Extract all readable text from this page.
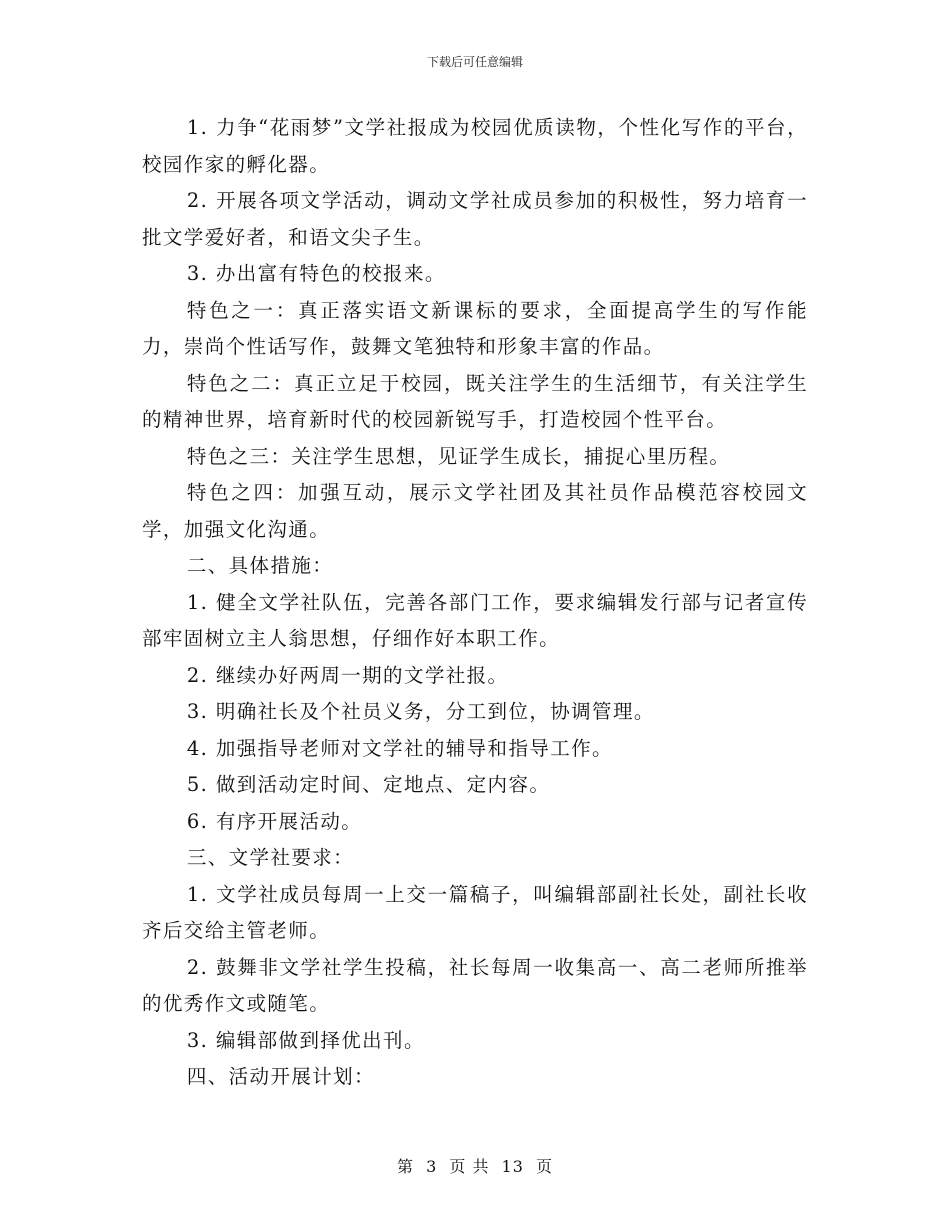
下载后可任意编辑

1. 力争“花雨梦”文学社报成为校园优质读物，个性化写作的平台，校园作家的孵化器。

2. 开展各项文学活动，调动文学社成员参加的积极性，努力培育一批文学爱好者，和语文尖子生。

3. 办出富有特色的校报来。

特色之一：真正落实语文新课标的要求，全面提高学生的写作能力，崇尚个性话写作，鼓舞文笔独特和形象丰富的作品。

特色之二：真正立足于校园，既关注学生的生活细节，有关注学生的精神世界，培育新时代的校园新锐写手，打造校园个性平台。

特色之三：关注学生思想，见证学生成长，捕捉心里历程。

特色之四：加强互动，展示文学社团及其社员作品模范容校园文学，加强文化沟通。

二、具体措施：

1. 健全文学社队伍，完善各部门工作，要求编辑发行部与记者宣传部牢固树立主人翁思想，仔细作好本职工作。

2. 继续办好两周一期的文学社报。

3. 明确社长及个社员义务，分工到位，协调管理。

4. 加强指导老师对文学社的辅导和指导工作。

5. 做到活动定时间、定地点、定内容。

6. 有序开展活动。

三、文学社要求：

1. 文学社成员每周一上交一篇稿子，叫编辑部副社长处，副社长收齐后交给主管老师。

2. 鼓舞非文学社学生投稿，社长每周一收集高一、高二老师所推举的优秀作文或随笔。

3. 编辑部做到择优出刊。

四、活动开展计划：

第 3 页 共 13 页
